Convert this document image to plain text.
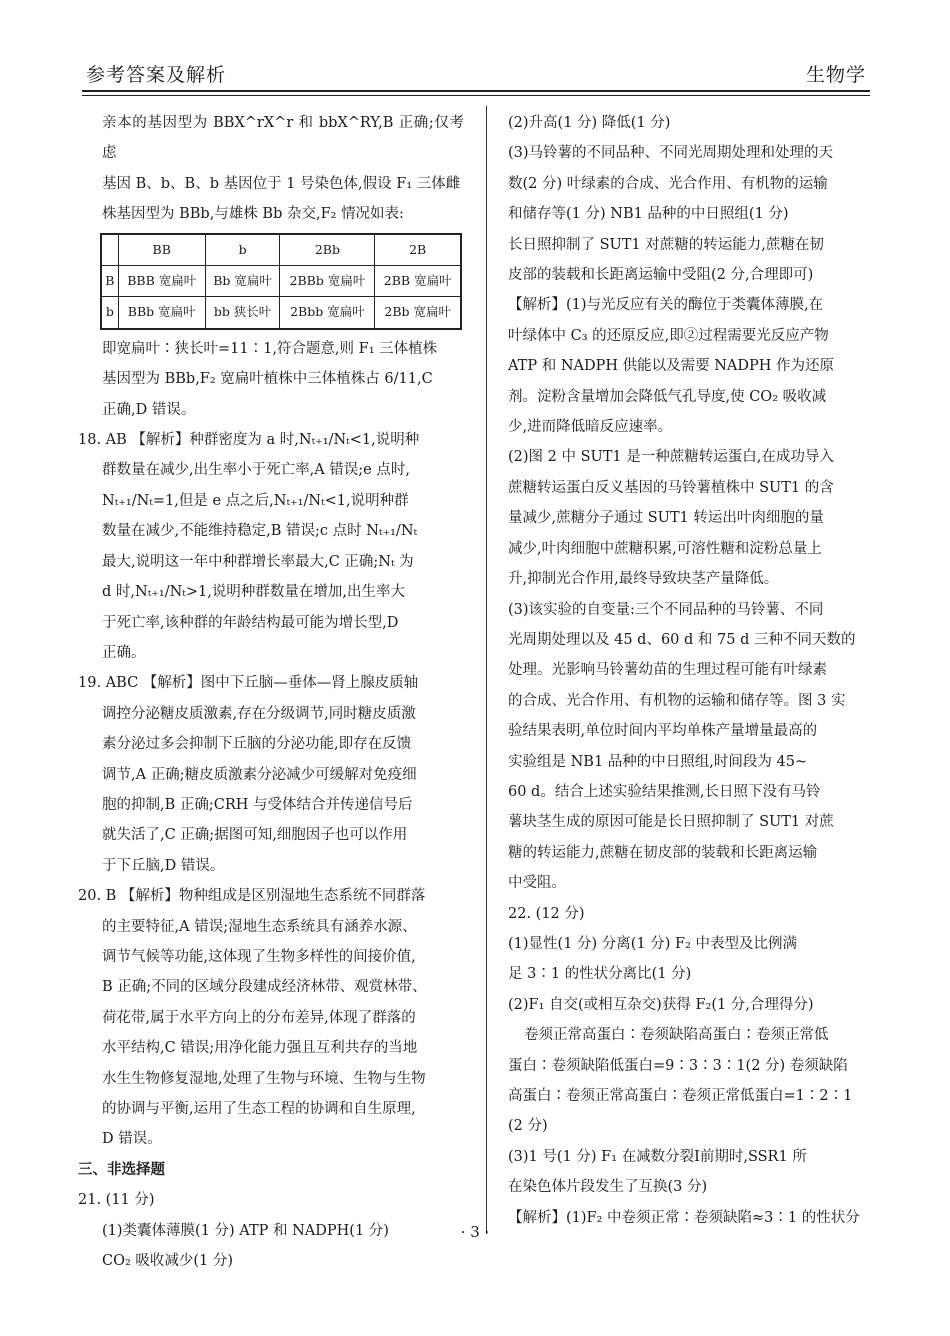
参考答案及解析	生物学

亲本的基因型为 BBX^rX^r 和 bbX^RY,B 正确;仅考虑
基因 B、b、B、b 基因位于 1 号染色体,假设 F₁ 三体雌
株基因型为 BBb,与雄株 Bb 杂交,F₂ 情况如表:

	BB	b	2Bb	2B
B	BBB 宽扁叶	Bb 宽扁叶	2BBb 宽扁叶	2BB 宽扁叶
b	BBb 宽扁叶	bb 狭长叶	2Bbb 宽扁叶	2Bb 宽扁叶

即宽扁叶∶狭长叶=11∶1,符合题意,则 F₁ 三体植株
基因型为 BBb,F₂ 宽扁叶植株中三体植株占 6/11,C
正确,D 错误。

18. AB 【解析】种群密度为 a 时,Nₜ₊₁/Nₜ<1,说明种
群数量在减少,出生率小于死亡率,A 错误;e 点时,
Nₜ₊₁/Nₜ=1,但是 e 点之后,Nₜ₊₁/Nₜ<1,说明种群
数量在减少,不能维持稳定,B 错误;c 点时 Nₜ₊₁/Nₜ
最大,说明这一年中种群增长率最大,C 正确;Nₜ 为
d 时,Nₜ₊₁/Nₜ>1,说明种群数量在增加,出生率大
于死亡率,该种群的年龄结构最可能为增长型,D
正确。

19. ABC 【解析】图中下丘脑—垂体—肾上腺皮质轴
调控分泌糖皮质激素,存在分级调节,同时糖皮质激
素分泌过多会抑制下丘脑的分泌功能,即存在反馈
调节,A 正确;糖皮质激素分泌减少可缓解对免疫细
胞的抑制,B 正确;CRH 与受体结合并传递信号后
就失活了,C 正确;据图可知,细胞因子也可以作用
于下丘脑,D 错误。

20. B 【解析】物种组成是区别湿地生态系统不同群落
的主要特征,A 错误;湿地生态系统具有涵养水源、
调节气候等功能,这体现了生物多样性的间接价值,
B 正确;不同的区域分段建成经济林带、观赏林带、
荷花带,属于水平方向上的分布差异,体现了群落的
水平结构,C 错误;用净化能力强且互利共存的当地
水生生物修复湿地,处理了生物与环境、生物与生物
的协调与平衡,运用了生态工程的协调和自生原理,
D 错误。

三、非选择题

21. (11 分)

(1)类囊体薄膜(1 分) ATP 和 NADPH(1 分)

CO₂ 吸收减少(1 分)

(2)升高(1 分) 降低(1 分)

(3)马铃薯的不同品种、不同光周期处理和处理的天
数(2 分) 叶绿素的合成、光合作用、有机物的运输
和储存等(1 分) NB1 品种的中日照组(1 分)
长日照抑制了 SUT1 对蔗糖的转运能力,蔗糖在韧
皮部的装载和长距离运输中受阻(2 分,合理即可)

【解析】(1)与光反应有关的酶位于类囊体薄膜,在
叶绿体中 C₃ 的还原反应,即②过程需要光反应产物
ATP 和 NADPH 供能以及需要 NADPH 作为还原
剂。淀粉含量增加会降低气孔导度,使 CO₂ 吸收减
少,进而降低暗反应速率。

(2)图 2 中 SUT1 是一种蔗糖转运蛋白,在成功导入
蔗糖转运蛋白反义基因的马铃薯植株中 SUT1 的含
量减少,蔗糖分子通过 SUT1 转运出叶肉细胞的量
减少,叶肉细胞中蔗糖积累,可溶性糖和淀粉总量上
升,抑制光合作用,最终导致块茎产量降低。

(3)该实验的自变量:三个不同品种的马铃薯、不同
光周期处理以及 45 d、60 d 和 75 d 三种不同天数的
处理。光影响马铃薯幼苗的生理过程可能有叶绿素
的合成、光合作用、有机物的运输和储存等。图 3 实
验结果表明,单位时间内平均单株产量增量最高的
实验组是 NB1 品种的中日照组,时间段为 45~
60 d。结合上述实验结果推测,长日照下没有马铃
薯块茎生成的原因可能是长日照抑制了 SUT1 对蔗
糖的转运能力,蔗糖在韧皮部的装载和长距离运输
中受阻。

22. (12 分)

(1)显性(1 分) 分离(1 分) F₂ 中表型及比例满
足 3∶1 的性状分离比(1 分)

(2)F₁ 自交(或相互杂交)获得 F₂(1 分,合理得分)

卷须正常高蛋白∶卷须缺陷高蛋白∶卷须正常低
蛋白∶卷须缺陷低蛋白=9∶3∶3∶1(2 分) 卷须缺陷
高蛋白∶卷须正常高蛋白∶卷须正常低蛋白=1∶2∶1
(2 分)

(3)1 号(1 分) F₁ 在减数分裂Ⅰ前期时,SSR1 所
在染色体片段发生了互换(3 分)

【解析】(1)F₂ 中卷须正常∶卷须缺陷≈3∶1 的性状分

· 3 ·
